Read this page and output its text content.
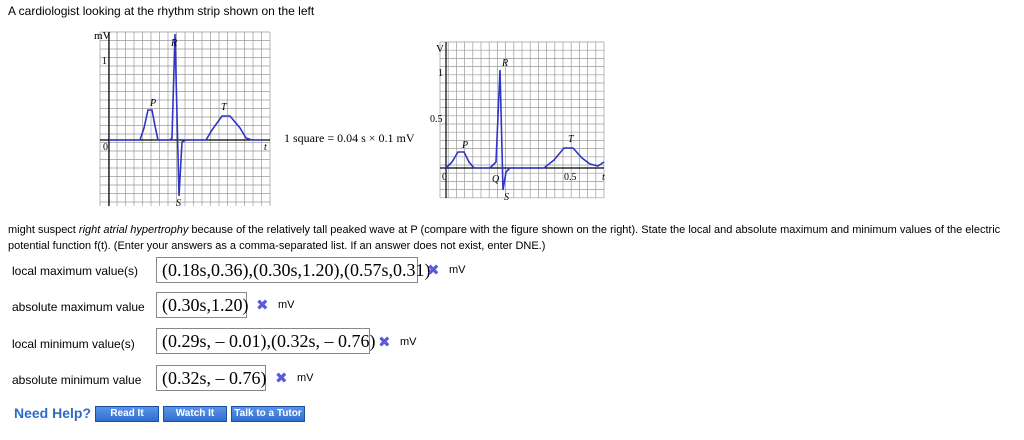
A cardiologist looking at the rhythm strip shown on the left
mV
1
0	t
P
R
T
S
1 square = 0.04 s × 0.1 mV
V
1
0.5
0	0.5	t
P
Q
R
S
T
might suspect right atrial hypertrophy because of the relatively tall peaked wave at P (compare with the figure shown on the right). State the local and absolute maximum and minimum values of the electric potential function f(t). (Enter your answers as a comma-separated list. If an answer does not exist, enter DNE.)
local maximum value(s)	(0.18s,0.36),(0.30s,1.20),(0.57s,0.31)
✖ mV
absolute maximum value (0.30s,1.20) ✖ mV
local minimum value(s)	(0.29s, – 0.01),(0.32s, – 0.76) ✖ mV
absolute minimum value	(0.32s, – 0.76) ✖ mV
Need Help?	Read It	Watch It	Talk to a Tutor
